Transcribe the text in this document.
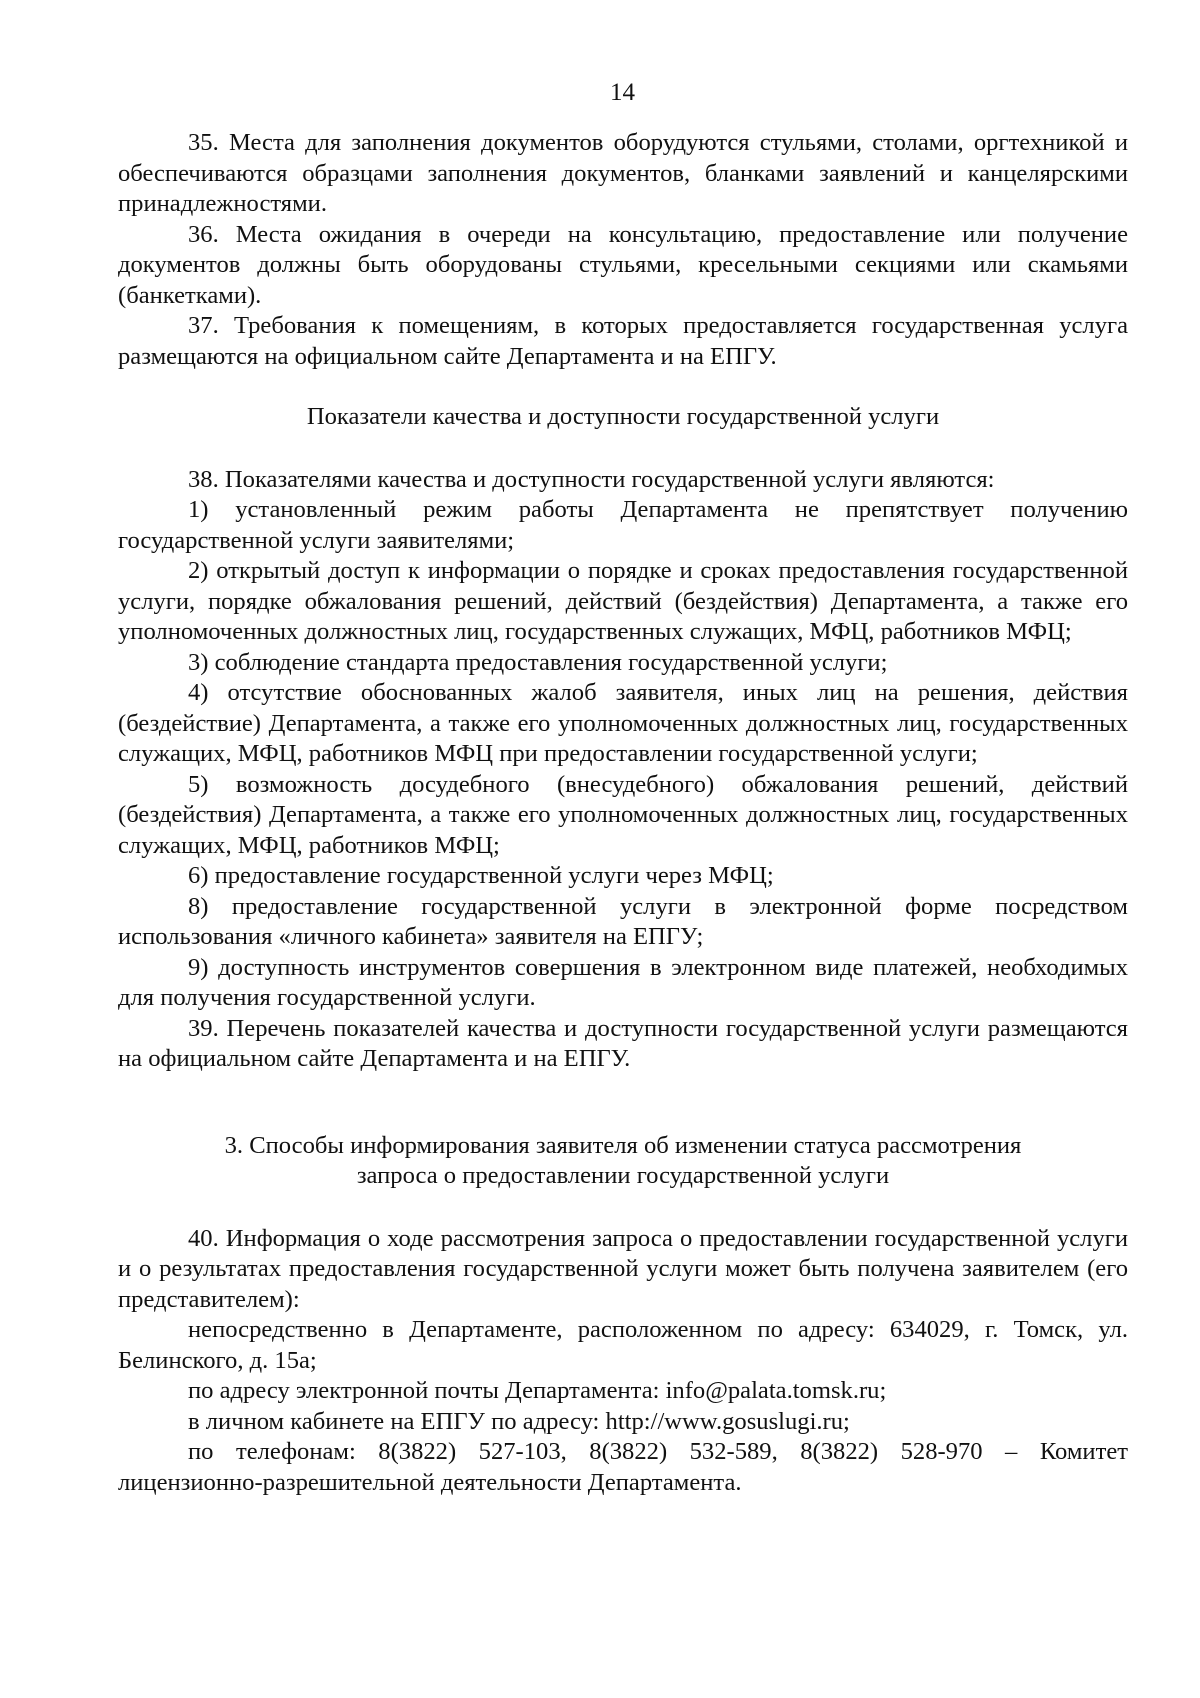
14

35. Места для заполнения документов оборудуются стульями, столами, оргтехникой и обеспечиваются образцами заполнения документов, бланками заявлений и канцелярскими принадлежностями.

36. Места ожидания в очереди на консультацию, предоставление или получение документов должны быть оборудованы стульями, кресельными секциями или скамьями (банкетками).

37. Требования к помещениям, в которых предоставляется государственная услуга размещаются на официальном сайте Департамента и на ЕПГУ.

Показатели качества и доступности государственной услуги

38. Показателями качества и доступности государственной услуги являются:

1) установленный режим работы Департамента не препятствует получению государственной услуги заявителями;

2) открытый доступ к информации о порядке и сроках предоставления государственной услуги, порядке обжалования решений, действий (бездействия) Департамента, а также его уполномоченных должностных лиц, государственных служащих, МФЦ, работников МФЦ;

3) соблюдение стандарта предоставления государственной услуги;

4) отсутствие обоснованных жалоб заявителя, иных лиц на решения, действия (бездействие) Департамента, а также его уполномоченных должностных лиц, государственных служащих, МФЦ, работников МФЦ при предоставлении государственной услуги;

5) возможность досудебного (внесудебного) обжалования решений, действий (бездействия) Департамента, а также его уполномоченных должностных лиц, государственных служащих, МФЦ, работников МФЦ;

6) предоставление государственной услуги через МФЦ;

8) предоставление государственной услуги в электронной форме посредством использования «личного кабинета» заявителя на ЕПГУ;

9) доступность инструментов совершения в электронном виде платежей, необходимых для получения государственной услуги.

39. Перечень показателей качества и доступности государственной услуги размещаются на официальном сайте Департамента и на ЕПГУ.

3. Способы информирования заявителя об изменении статуса рассмотрения

запроса о предоставлении государственной услуги

40. Информация о ходе рассмотрения запроса о предоставлении государственной услуги и о результатах предоставления государственной услуги может быть получена заявителем (его представителем):

непосредственно в Департаменте, расположенном по адресу: 634029, г. Томск, ул. Белинского, д. 15а;

по адресу электронной почты Департамента: info@palata.tomsk.ru;

в личном кабинете на ЕПГУ по адресу: http://www.gosuslugi.ru;

по телефонам: 8(3822) 527-103, 8(3822) 532-589, 8(3822) 528-970 – Комитет лицензионно-разрешительной деятельности Департамента.
